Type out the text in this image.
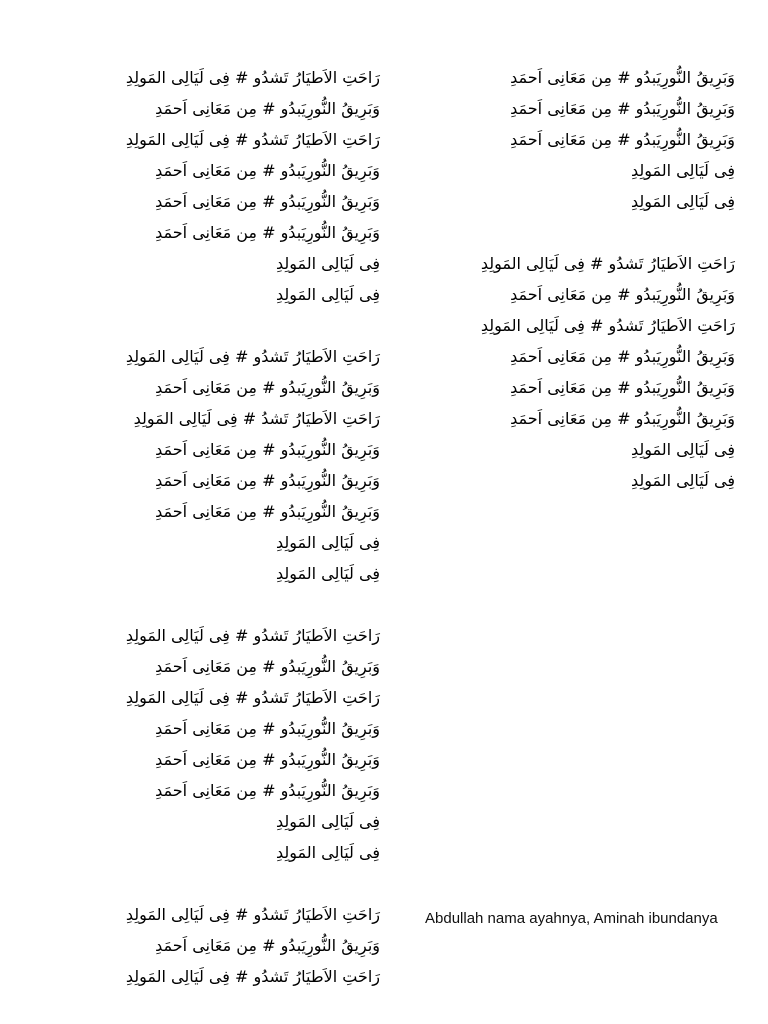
رَاحَتِ الاَطيَارُ تَشدُو # فِى لَيَالِى المَولِدِ
وَبَرِيقُ النُّورِيَبدُو # مِن مَعَانِى اَحمَدِ
رَاحَتِ الاَطيَارُ تَشدُو # فِى لَيَالِى المَولِدِ
وَبَرِيقُ النُّورِيَبدُو # مِن مَعَانِى اَحمَدِ
وَبَرِيقُ النُّورِيَبدُو # مِن مَعَانِى اَحمَدِ
وَبَرِيقُ النُّورِيَبدُو # مِن مَعَانِى اَحمَدِ
فِى لَيَالِى المَولِدِ
فِى لَيَالِى المَولِدِ
رَاحَتِ الاَطيَارُ تَشدُو # فِى لَيَالِى المَولِدِ
وَبَرِيقُ النُّورِيَبدُو # مِن مَعَانِى اَحمَدِ
رَاحَتِ الاَطيَارُ تَشدُ # فِى لَيَالِى المَولِدِ
وَبَرِيقُ النُّورِيَبدُو # مِن مَعَانِى اَحمَدِ
وَبَرِيقُ النُّورِيَبدُو # مِن مَعَانِى اَحمَدِ
وَبَرِيقُ النُّورِيَبدُو # مِن مَعَانِى اَحمَدِ
فِى لَيَالِى المَولِدِ
فِى لَيَالِى المَولِدِ
رَاحَتِ الاَطيَارُ تَشدُو # فِى لَيَالِى المَولِدِ
وَبَرِيقُ النُّورِيَبدُو # مِن مَعَانِى اَحمَدِ
رَاحَتِ الاَطيَارُ تَشدُو # فِى لَيَالِى المَولِدِ
وَبَرِيقُ النُّورِيَبدُو # مِن مَعَانِى اَحمَدِ
وَبَرِيقُ النُّورِيَبدُو # مِن مَعَانِى اَحمَدِ
وَبَرِيقُ النُّورِيَبدُو # مِن مَعَانِى اَحمَدِ
فِى لَيَالِى المَولِدِ
فِى لَيَالِى المَولِدِ
رَاحَتِ الاَطيَارُ تَشدُو # فِى لَيَالِى المَولِدِ
وَبَرِيقُ النُّورِيَبدُو # مِن مَعَانِى اَحمَدِ
رَاحَتِ الاَطيَارُ تَشدُو # فِى لَيَالِى المَولِدِ
وَبَرِيقُ النُّورِيَبدُو # مِن مَعَانِى اَحمَدِ
وَبَرِيقُ النُّورِيَبدُو # مِن مَعَانِى اَحمَدِ
وَبَرِيقُ النُّورِيَبدُو # مِن مَعَانِى اَحمَدِ
فِى لَيَالِى المَولِدِ
فِى لَيَالِى المَولِدِ
رَاحَتِ الاَطيَارُ تَشدُو # فِى لَيَالِى المَولِدِ
وَبَرِيقُ النُّورِيَبدُو # مِن مَعَانِى اَحمَدِ
رَاحَتِ الاَطيَارُ تَشدُو # فِى لَيَالِى المَولِدِ
وَبَرِيقُ النُّورِيَبدُو # مِن مَعَانِى اَحمَدِ
وَبَرِيقُ النُّورِيَبدُو # مِن مَعَانِى اَحمَدِ
وَبَرِيقُ النُّورِيَبدُو # مِن مَعَانِى اَحمَدِ
فِى لَيَالِى المَولِدِ
فِى لَيَالِى المَولِدِ
Abdullah nama ayahnya, Aminah ibundanya
